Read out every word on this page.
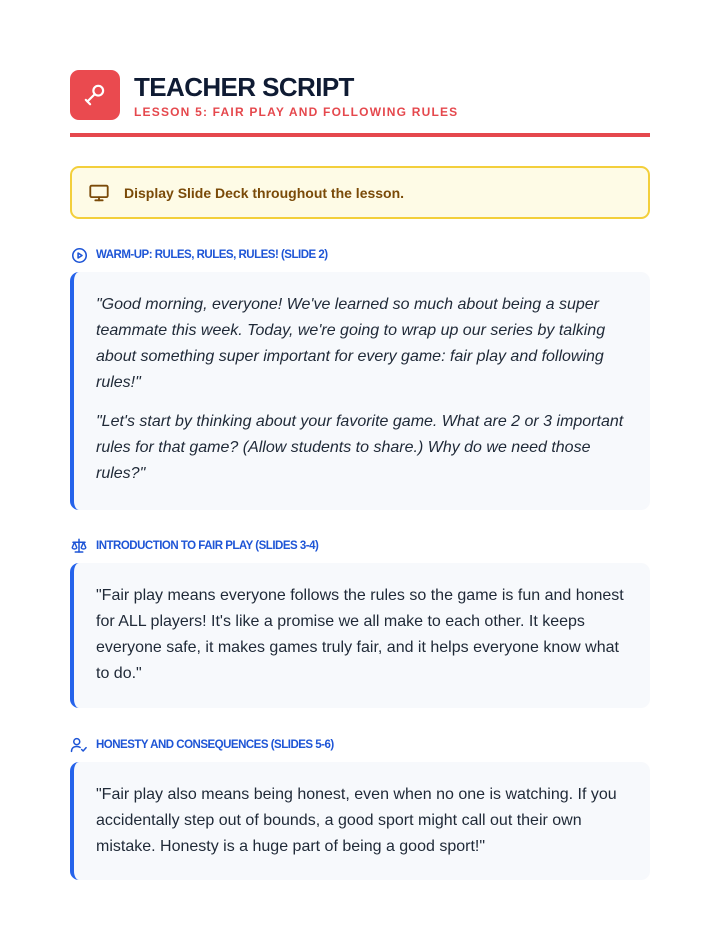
TEACHER SCRIPT
LESSON 5: FAIR PLAY AND FOLLOWING RULES
Display Slide Deck throughout the lesson.
WARM-UP: RULES, RULES, RULES! (SLIDE 2)

"Good morning, everyone! We've learned so much about being a super teammate this week. Today, we're going to wrap up our series by talking about something super important for every game: fair play and following rules!"

"Let's start by thinking about your favorite game. What are 2 or 3 important rules for that game? (Allow students to share.) Why do we need those rules?"

INTRODUCTION TO FAIR PLAY (SLIDES 3-4)

"Fair play means everyone follows the rules so the game is fun and honest for ALL players! It's like a promise we all make to each other. It keeps everyone safe, it makes games truly fair, and it helps everyone know what to do."

HONESTY AND CONSEQUENCES (SLIDES 5-6)

"Fair play also means being honest, even when no one is watching. If you accidentally step out of bounds, a good sport might call out their own mistake. Honesty is a huge part of being a good sport!"
